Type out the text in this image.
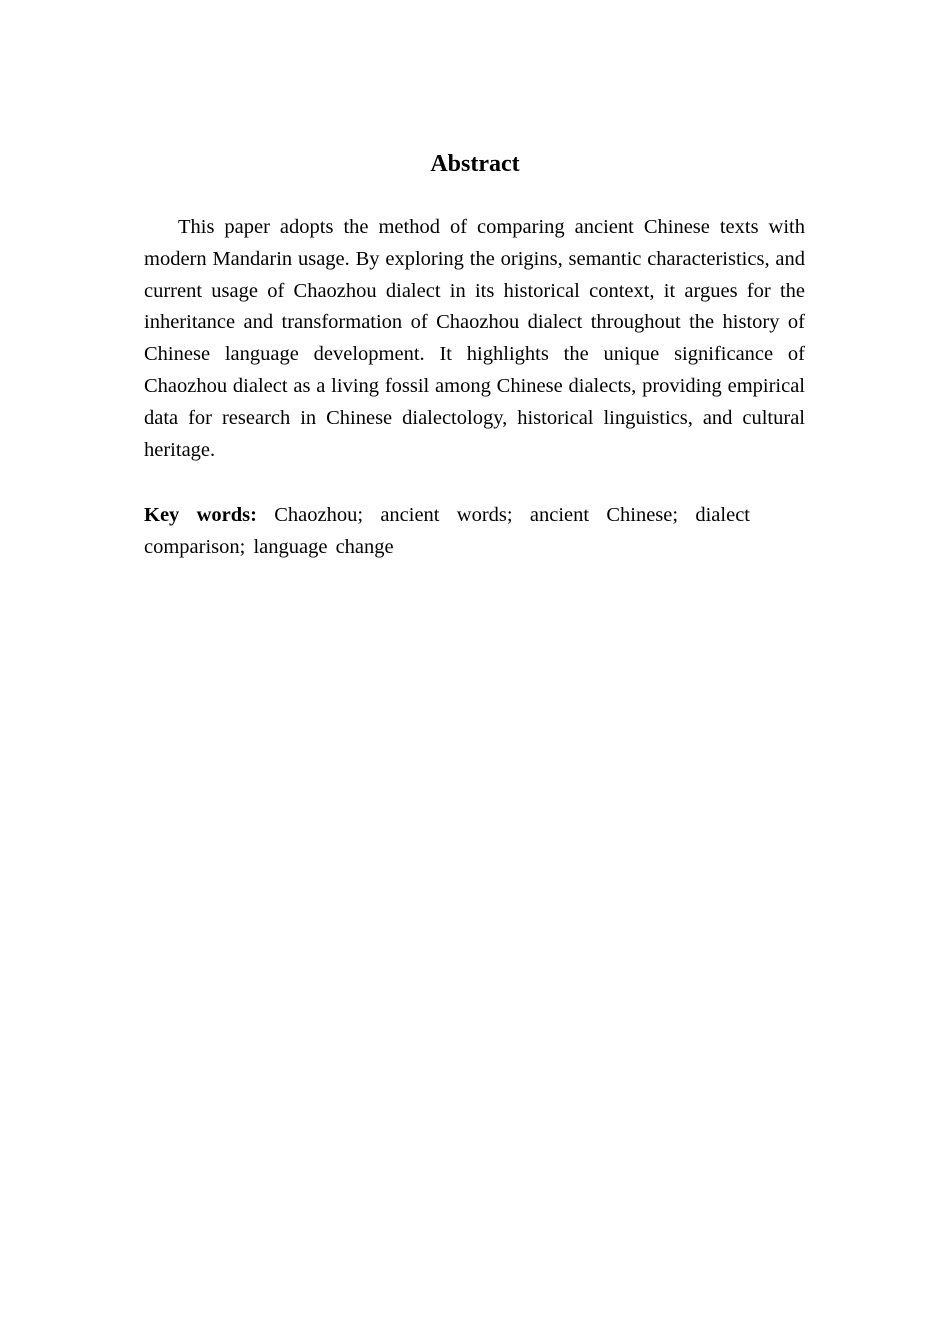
Abstract

This paper adopts the method of comparing ancient Chinese texts with modern Mandarin usage. By exploring the origins, semantic characteristics, and current usage of Chaozhou dialect in its historical context, it argues for the inheritance and transformation of Chaozhou dialect throughout the history of Chinese language development. It highlights the unique significance of Chaozhou dialect as a living fossil among Chinese dialects, providing empirical data for research in Chinese dialectology, historical linguistics, and cultural heritage.

Key words: Chaozhou; ancient words; ancient Chinese; dialect comparison; language change
